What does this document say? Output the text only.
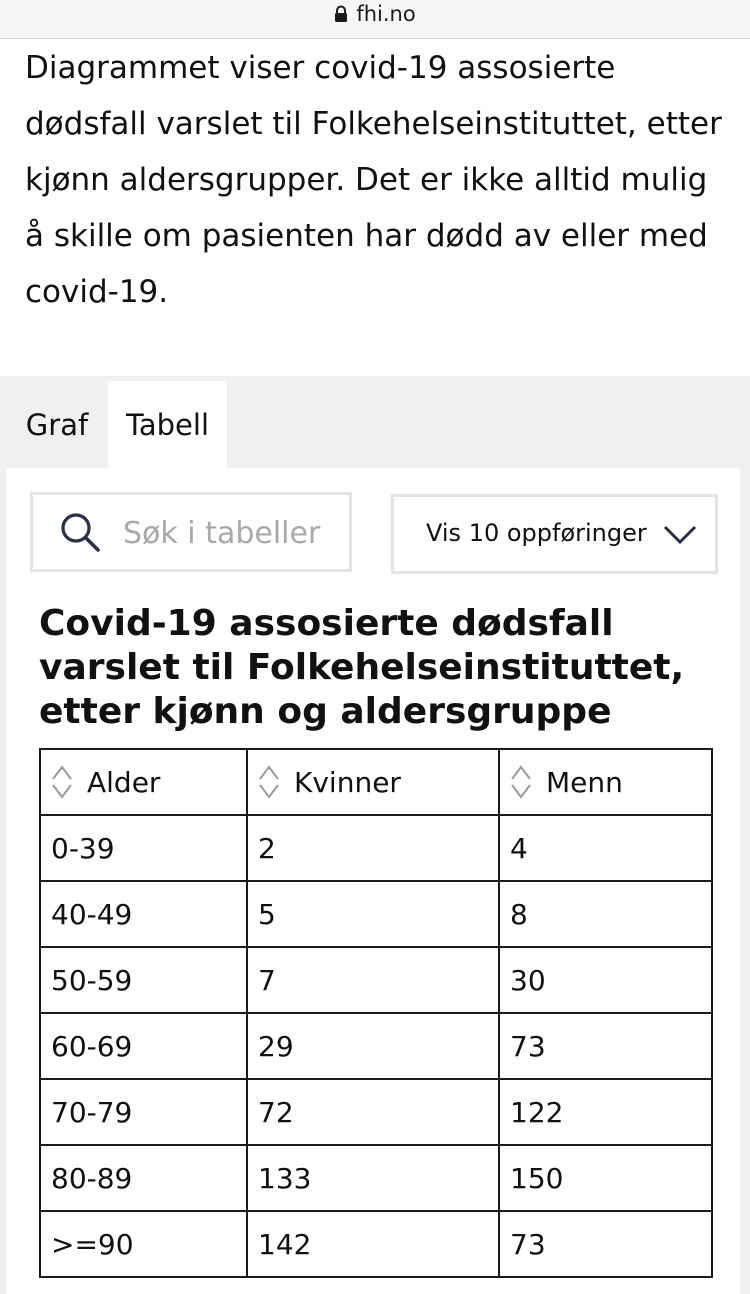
fhi.no

Diagrammet viser covid-19 assosierte dødsfall varslet til Folkehelseinstituttet, etter kjønn aldersgrupper. Det er ikke alltid mulig å skille om pasienten har dødd av eller med covid-19.

Graf	Tabell
Søk i tabeller
Vis 10 oppføringer
Covid-19 assosierte dødsfall varslet til Folkehelseinstituttet, etter kjønn og aldersgruppe
Alder	Kvinner	Menn

0-39	2	4
40-49	5	8
50-59	7	30
60-69	29	73
70-79	72	122
80-89	133	150
>=90	142	73
